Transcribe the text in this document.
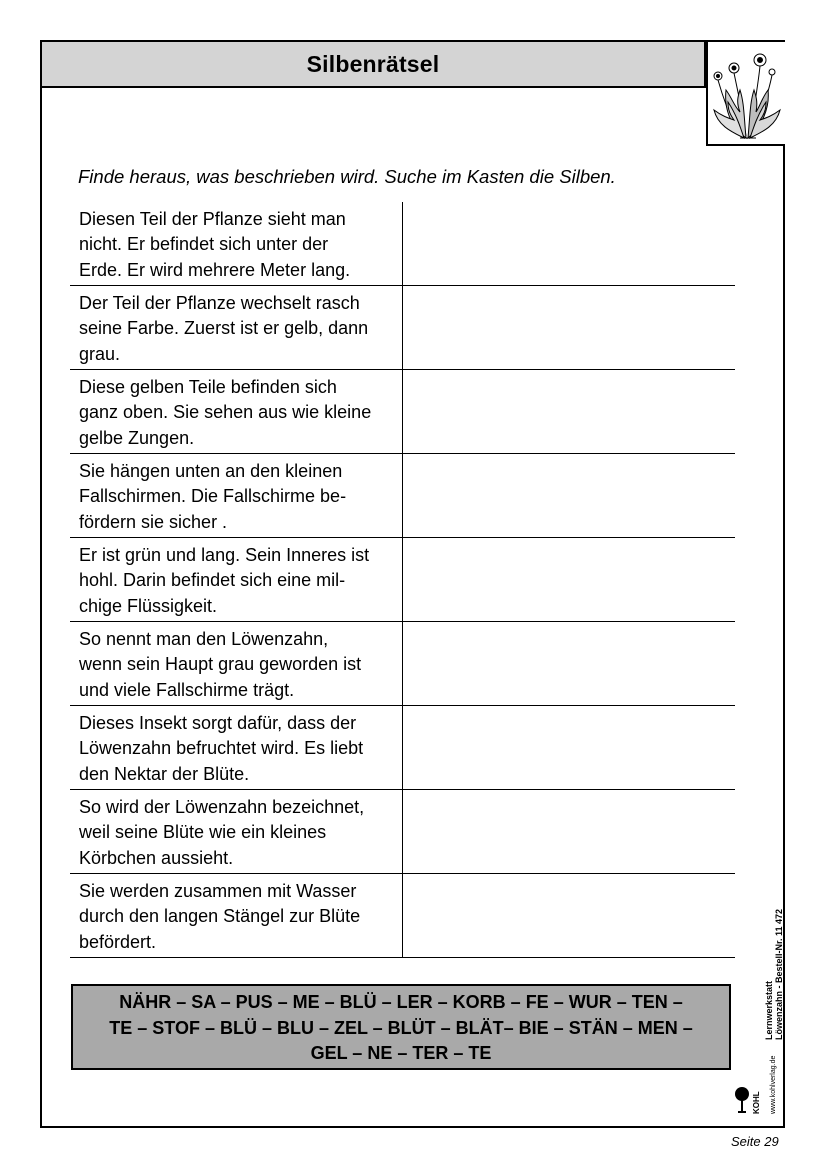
Silbenrätsel
Finde heraus, was beschrieben wird. Suche im Kasten die Silben.
Diesen Teil der Pflanze sieht man
nicht. Er befindet sich unter der
Erde. Er wird mehrere Meter lang.
Der Teil der Pflanze wechselt rasch
seine Farbe. Zuerst ist er gelb, dann
grau.
Diese gelben Teile befinden sich
ganz oben. Sie sehen aus wie kleine
gelbe Zungen.
Sie hängen unten an den kleinen
Fallschirmen. Die Fallschirme be-
fördern sie sicher .
Er ist grün und lang. Sein Inneres ist
hohl. Darin befindet sich eine mil-
chige Flüssigkeit.
So nennt man den Löwenzahn,
wenn sein Haupt grau geworden ist
und viele Fallschirme trägt.
Dieses Insekt sorgt dafür, dass der
Löwenzahn befruchtet wird. Es liebt
den Nektar der Blüte.
So wird der Löwenzahn bezeichnet,
weil seine Blüte wie ein kleines
Körbchen aussieht.
Sie werden zusammen mit Wasser
durch den langen Stängel zur Blüte
befördert.
NÄHR – SA – PUS – ME – BLÜ – LER – KORB – FE – WUR – TEN –
TE – STOF – BLÜ – BLU – ZEL – BLÜT – BLÄT– BIE – STÄN – MEN –
GEL – NE – TER – TE
Lernwerkstatt Löwenzahn - Bestell-Nr. 11 472
KOHL www.kohlverlag.de
Seite 29
